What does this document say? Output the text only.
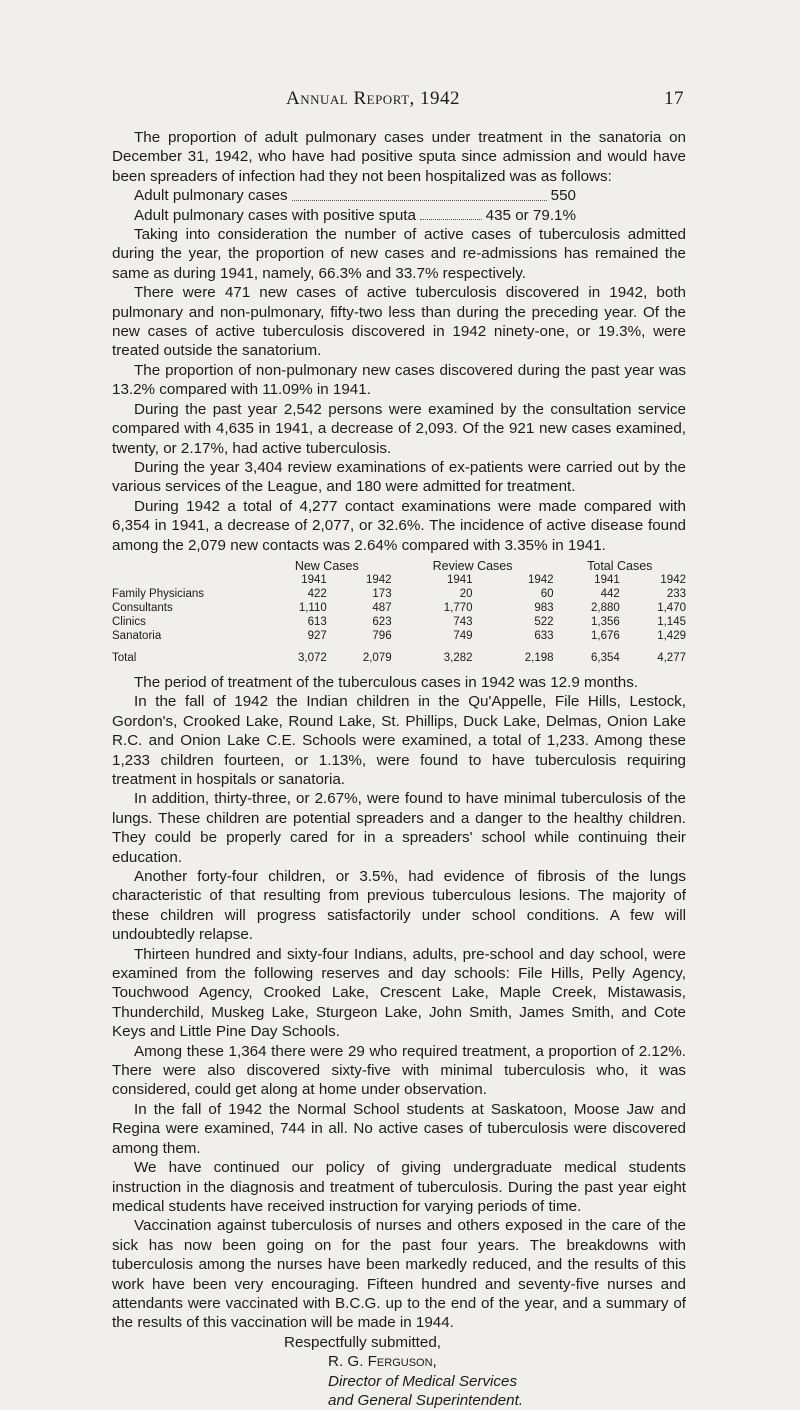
Annual Report, 1942	17

The proportion of adult pulmonary cases under treatment in the sanatoria on December 31, 1942, who have had positive sputa since admission and would have been spreaders of infection had they not been hospitalized was as follows:

Adult pulmonary cases	550
Adult pulmonary cases with positive sputa	435 or 79.1%

Taking into consideration the number of active cases of tuberculosis admitted during the year, the proportion of new cases and re-admissions has remained the same as during 1941, namely, 66.3% and 33.7% respectively.

There were 471 new cases of active tuberculosis discovered in 1942, both pulmonary and non-pulmonary, fifty-two less than during the preceding year. Of the new cases of active tuberculosis discovered in 1942 ninety-one, or 19.3%, were treated outside the sanatorium.

The proportion of non-pulmonary new cases discovered during the past year was 13.2% compared with 11.09% in 1941.

During the past year 2,542 persons were examined by the consultation service compared with 4,635 in 1941, a decrease of 2,093. Of the 921 new cases examined, twenty, or 2.17%, had active tuberculosis.

During the year 3,404 review examinations of ex-patients were carried out by the various services of the League, and 180 were admitted for treatment.

During 1942 a total of 4,277 contact examinations were made compared with 6,354 in 1941, a decrease of 2,077, or 32.6%. The incidence of active disease found among the 2,079 new contacts was 2.64% compared with 3.35% in 1941.

	New Cases		Review Cases		Total Cases	
	1941	1942	1941	1942	1941	1942
Family Physicians	422	173	20	60	442	233
Consultants	1,110	487	1,770	983	2,880	1,470
Clinics	613	623	743	522	1,356	1,145
Sanatoria	927	796	749	633	1,676	1,429
Total	3,072	2,079	3,282	2,198	6,354	4,277

The period of treatment of the tuberculous cases in 1942 was 12.9 months.

In the fall of 1942 the Indian children in the Qu'Appelle, File Hills, Lestock, Gordon's, Crooked Lake, Round Lake, St. Phillips, Duck Lake, Delmas, Onion Lake R.C. and Onion Lake C.E. Schools were examined, a total of 1,233. Among these 1,233 children fourteen, or 1.13%, were found to have tuberculosis requiring treatment in hospitals or sanatoria.

In addition, thirty-three, or 2.67%, were found to have minimal tuberculosis of the lungs. These children are potential spreaders and a danger to the healthy children. They could be properly cared for in a spreaders' school while continuing their education.

Another forty-four children, or 3.5%, had evidence of fibrosis of the lungs characteristic of that resulting from previous tuberculous lesions. The majority of these children will progress satisfactorily under school conditions. A few will undoubtedly relapse.

Thirteen hundred and sixty-four Indians, adults, pre-school and day school, were examined from the following reserves and day schools: File Hills, Pelly Agency, Touchwood Agency, Crooked Lake, Crescent Lake, Maple Creek, Mistawasis, Thunderchild, Muskeg Lake, Sturgeon Lake, John Smith, James Smith, and Cote Keys and Little Pine Day Schools.

Among these 1,364 there were 29 who required treatment, a proportion of 2.12%. There were also discovered sixty-five with minimal tuberculosis who, it was considered, could get along at home under observation.

In the fall of 1942 the Normal School students at Saskatoon, Moose Jaw and Regina were examined, 744 in all. No active cases of tuberculosis were discovered among them.

We have continued our policy of giving undergraduate medical students instruction in the diagnosis and treatment of tuberculosis. During the past year eight medical students have received instruction for varying periods of time.

Vaccination against tuberculosis of nurses and others exposed in the care of the sick has now been going on for the past four years. The breakdowns with tuberculosis among the nurses have been markedly reduced, and the results of this work have been very encouraging. Fifteen hundred and seventy-five nurses and attendants were vaccinated with B.C.G. up to the end of the year, and a summary of the results of this vaccination will be made in 1944.

Respectfully submitted,
R. G. Ferguson,
Director of Medical Services
and General Superintendent.
